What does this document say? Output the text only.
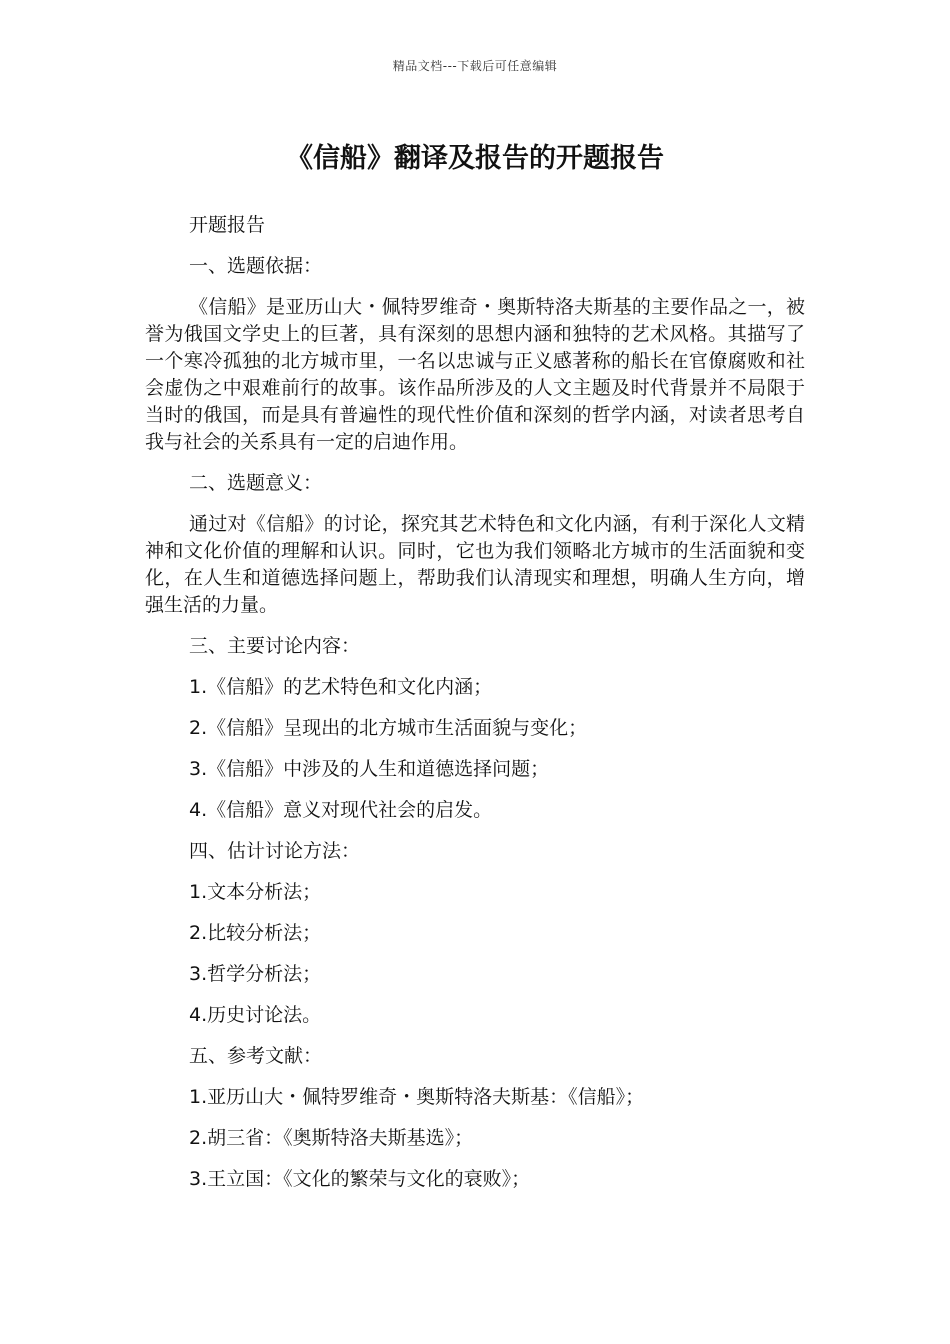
精品文档---下载后可任意编辑
《信船》翻译及报告的开题报告

开题报告

一、选题依据：

《信船》是亚历山大・佩特罗维奇・奥斯特洛夫斯基的主要作品之一，被誉为俄国文学史上的巨著，具有深刻的思想内涵和独特的艺术风格。其描写了一个寒冷孤独的北方城市里，一名以忠诚与正义感著称的船长在官僚腐败和社会虚伪之中艰难前行的故事。该作品所涉及的人文主题及时代背景并不局限于当时的俄国，而是具有普遍性的现代性价值和深刻的哲学内涵，对读者思考自我与社会的关系具有一定的启迪作用。

二、选题意义：

通过对《信船》的讨论，探究其艺术特色和文化内涵，有利于深化人文精神和文化价值的理解和认识。同时，它也为我们领略北方城市的生活面貌和变化，在人生和道德选择问题上，帮助我们认清现实和理想，明确人生方向，增强生活的力量。

三、主要讨论内容：

1.《信船》的艺术特色和文化内涵；

2.《信船》呈现出的北方城市生活面貌与变化；

3.《信船》中涉及的人生和道德选择问题；

4.《信船》意义对现代社会的启发。

四、估计讨论方法：

1.文本分析法；

2.比较分析法；

3.哲学分析法；

4.历史讨论法。

五、参考文献：

1.亚历山大・佩特罗维奇・奥斯特洛夫斯基：《信船》；

2.胡三省：《奥斯特洛夫斯基选》；

3.王立国：《文化的繁荣与文化的衰败》；
